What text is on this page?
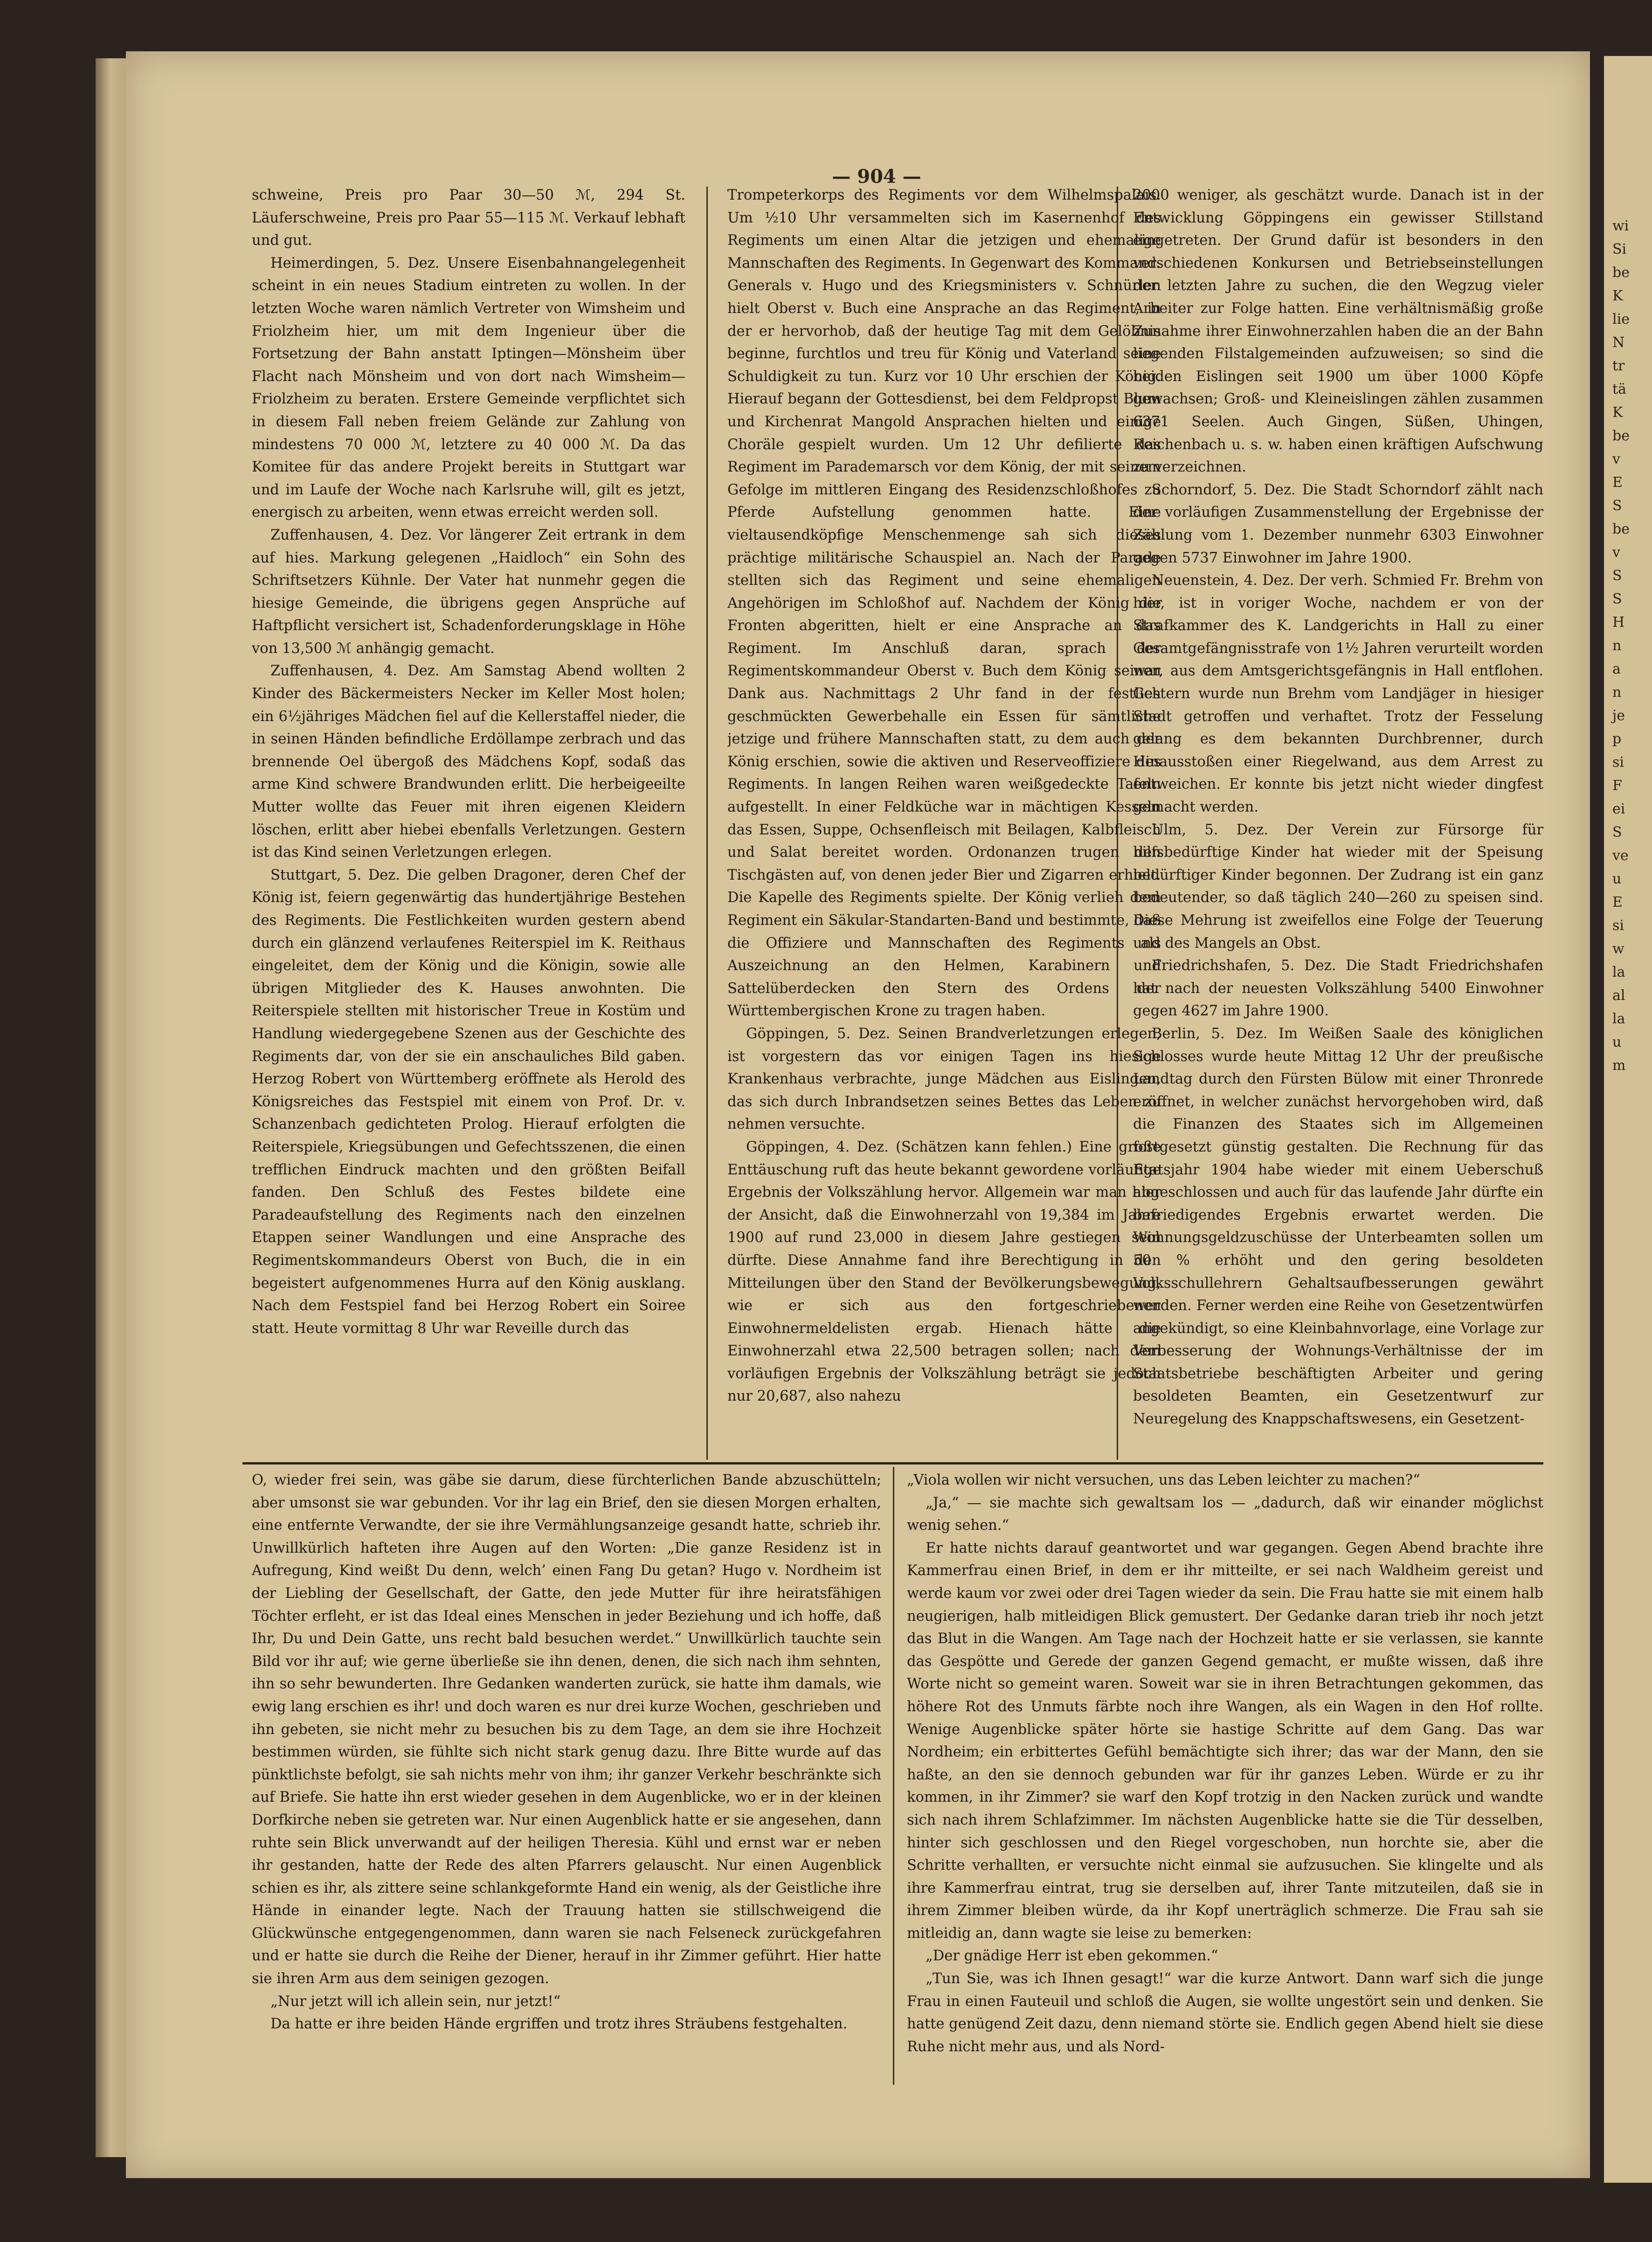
wi
Si
be
K
lie
N
tr
tä
K
be
v
E
S
be
v
S
S
H
n
a
n
je
p
si
F
ei
S
ve
u
E
si
w
la
al
la
u
m
— 904 —

schweine, Preis pro Paar 30—50 ℳ, 294 St. Läuferschweine, Preis pro Paar 55—115 ℳ. Verkauf lebhaft und gut.

Heimerdingen, 5. Dez. Unsere Eisenbahnangelegenheit scheint in ein neues Stadium eintreten zu wollen. In der letzten Woche waren nämlich Vertreter von Wimsheim und Friolzheim hier, um mit dem Ingenieur über die Fortsetzung der Bahn anstatt Iptingen—Mönsheim über Flacht nach Mönsheim und von dort nach Wimsheim—Friolzheim zu beraten. Erstere Gemeinde verpflichtet sich in diesem Fall neben freiem Gelände zur Zahlung von mindestens 70 000 ℳ, letztere zu 40 000 ℳ. Da das Komitee für das andere Projekt bereits in Stuttgart war und im Laufe der Woche nach Karlsruhe will, gilt es jetzt, energisch zu arbeiten, wenn etwas erreicht werden soll.

Zuffenhausen, 4. Dez. Vor längerer Zeit ertrank in dem auf hies. Markung gelegenen „Haidloch“ ein Sohn des Schriftsetzers Kühnle. Der Vater hat nunmehr gegen die hiesige Gemeinde, die übrigens gegen Ansprüche auf Haftpflicht versichert ist, Schadenforderungsklage in Höhe von 13,500 ℳ anhängig gemacht.

Zuffenhausen, 4. Dez. Am Samstag Abend wollten 2 Kinder des Bäckermeisters Necker im Keller Most holen; ein 6½jähriges Mädchen fiel auf die Kellerstaffel nieder, die in seinen Händen befindliche Erdöllampe zerbrach und das brennende Oel übergoß des Mädchens Kopf, sodaß das arme Kind schwere Brandwunden erlitt. Die herbeigeeilte Mutter wollte das Feuer mit ihren eigenen Kleidern löschen, erlitt aber hiebei ebenfalls Verletzungen. Gestern ist das Kind seinen Verletzungen erlegen.

Stuttgart, 5. Dez. Die gelben Dragoner, deren Chef der König ist, feiern gegenwärtig das hundertjährige Bestehen des Regiments. Die Festlichkeiten wurden gestern abend durch ein glänzend verlaufenes Reiterspiel im K. Reithaus eingeleitet, dem der König und die Königin, sowie alle übrigen Mitglieder des K. Hauses anwohnten. Die Reiterspiele stellten mit historischer Treue in Kostüm und Handlung wiedergegebene Szenen aus der Geschichte des Regiments dar, von der sie ein anschauliches Bild gaben. Herzog Robert von Württemberg eröffnete als Herold des Königsreiches das Festspiel mit einem von Prof. Dr. v. Schanzenbach gedichteten Prolog. Hierauf erfolgten die Reiterspiele, Kriegsübungen und Gefechtsszenen, die einen trefflichen Eindruck machten und den größten Beifall fanden. Den Schluß des Festes bildete eine Paradeaufstellung des Regiments nach den einzelnen Etappen seiner Wandlungen und eine Ansprache des Regimentskommandeurs Oberst von Buch, die in ein begeistert aufgenommenes Hurra auf den König ausklang. Nach dem Festspiel fand bei Herzog Robert ein Soiree statt. Heute vormittag 8 Uhr war Reveille durch das

Trompeterkorps des Regiments vor dem Wilhelmspalais. Um ½10 Uhr versammelten sich im Kasernenhof des Regiments um einen Altar die jetzigen und ehemalige Mannschaften des Regiments. In Gegenwart des Kommand. Generals v. Hugo und des Kriegsministers v. Schnürlen hielt Oberst v. Buch eine Ansprache an das Regiment, in der er hervorhob, daß der heutige Tag mit dem Gelöbnis beginne, furchtlos und treu für König und Vaterland seine Schuldigkeit zu tun. Kurz vor 10 Uhr erschien der König. Hierauf begann der Gottesdienst, bei dem Feldpropst Blum und Kirchenrat Mangold Ansprachen hielten und einige Choräle gespielt wurden. Um 12 Uhr defilierte das Regiment im Parademarsch vor dem König, der mit seinem Gefolge im mittleren Eingang des Residenzschloßhofes zu Pferde Aufstellung genommen hatte. Eine vieltausendköpfige Menschenmenge sah sich dieses prächtige militärische Schauspiel an. Nach der Parade stellten sich das Regiment und seine ehemaligen Angehörigen im Schloßhof auf. Nachdem der König die Fronten abgeritten, hielt er eine Ansprache an das Regiment. Im Anschluß daran, sprach der Regimentskommandeur Oberst v. Buch dem König seinen Dank aus. Nachmittags 2 Uhr fand in der festlich geschmückten Gewerbehalle ein Essen für sämtliche jetzige und frühere Mannschaften statt, zu dem auch der König erschien, sowie die aktiven und Reserveoffiziere des Regiments. In langen Reihen waren weißgedeckte Tafeln aufgestellt. In einer Feldküche war in mächtigen Kesseln das Essen, Suppe, Ochsenfleisch mit Beilagen, Kalbfleisch und Salat bereitet worden. Ordonanzen trugen den Tischgästen auf, von denen jeder Bier und Zigarren erhielt. Die Kapelle des Regiments spielte. Der König verlieh dem Regiment ein Säkular-Standarten-Band und bestimmte, daß die Offiziere und Mannschaften des Regiments als Auszeichnung an den Helmen, Karabinern und Sattelüberdecken den Stern des Ordens der Württembergischen Krone zu tragen haben.

Göppingen, 5. Dez. Seinen Brandverletzungen erlegen, ist vorgestern das vor einigen Tagen ins hiesige Krankenhaus verbrachte, junge Mädchen aus Eislingen, das sich durch Inbrandsetzen seines Bettes das Leben zu nehmen versuchte.

Göppingen, 4. Dez. (Schätzen kann fehlen.) Eine große Enttäuschung ruft das heute bekannt gewordene vorläufige Ergebnis der Volkszählung hervor. Allgemein war man hier der Ansicht, daß die Einwohnerzahl von 19,384 im Jahre 1900 auf rund 23,000 in diesem Jahre gestiegen sein dürfte. Diese Annahme fand ihre Berechtigung in den Mitteilungen über den Stand der Bevölkerungsbewegung, wie er sich aus den fortgeschriebenen Einwohnermeldelisten ergab. Hienach hätte die Einwohnerzahl etwa 22,500 betragen sollen; nach dem vorläufigen Ergebnis der Volkszählung beträgt sie jedoch nur 20,687, also nahezu

2000 weniger, als geschätzt wurde. Danach ist in der Entwicklung Göppingens ein gewisser Stillstand eingetreten. Der Grund dafür ist besonders in den verschiedenen Konkursen und Betriebseinstellungen der letzten Jahre zu suchen, die den Wegzug vieler Arbeiter zur Folge hatten. Eine verhältnismäßig große Zunahme ihrer Einwohnerzahlen haben die an der Bahn liegenden Filstalgemeinden aufzuweisen; so sind die beiden Eislingen seit 1900 um über 1000 Köpfe gewachsen; Groß- und Kleineislingen zählen zusammen 6371 Seelen. Auch Gingen, Süßen, Uhingen, Reichenbach u. s. w. haben einen kräftigen Aufschwung zu verzeichnen.

Schorndorf, 5. Dez. Die Stadt Schorndorf zählt nach der vorläufigen Zusammenstellung der Ergebnisse der Zählung vom 1. Dezember nunmehr 6303 Einwohner gegen 5737 Einwohner im Jahre 1900.

Neuenstein, 4. Dez. Der verh. Schmied Fr. Brehm von hier, ist in voriger Woche, nachdem er von der Strafkammer des K. Landgerichts in Hall zu einer Gesamtgefängnisstrafe von 1½ Jahren verurteilt worden war, aus dem Amtsgerichtsgefängnis in Hall entflohen. Gestern wurde nun Brehm vom Landjäger in hiesiger Stadt getroffen und verhaftet. Trotz der Fesselung gelang es dem bekannten Durchbrenner, durch Hinausstoßen einer Riegelwand, aus dem Arrest zu entweichen. Er konnte bis jetzt nicht wieder dingfest gemacht werden.

Ulm, 5. Dez. Der Verein zur Fürsorge für hilfsbedürftige Kinder hat wieder mit der Speisung bedürftiger Kinder begonnen. Der Zudrang ist ein ganz bedeutender, so daß täglich 240—260 zu speisen sind. Diese Mehrung ist zweifellos eine Folge der Teuerung und des Mangels an Obst.

Friedrichshafen, 5. Dez. Die Stadt Friedrichshafen hat nach der neuesten Volkszählung 5400 Einwohner gegen 4627 im Jahre 1900.

Berlin, 5. Dez. Im Weißen Saale des königlichen Schlosses wurde heute Mittag 12 Uhr der preußische Landtag durch den Fürsten Bülow mit einer Thronrede eröffnet, in welcher zunächst hervorgehoben wird, daß die Finanzen des Staates sich im Allgemeinen fortgesetzt günstig gestalten. Die Rechnung für das Etatsjahr 1904 habe wieder mit einem Ueberschuß abgeschlossen und auch für das laufende Jahr dürfte ein befriedigendes Ergebnis erwartet werden. Die Wohnungsgeldzuschüsse der Unterbeamten sollen um 50 % erhöht und den gering besoldeten Volksschullehrern Gehaltsaufbesserungen gewährt werden. Ferner werden eine Reihe von Gesetzentwürfen angekündigt, so eine Kleinbahnvorlage, eine Vorlage zur Verbesserung der Wohnungs-Verhältnisse der im Staatsbetriebe beschäftigten Arbeiter und gering besoldeten Beamten, ein Gesetzentwurf zur Neuregelung des Knappschaftswesens, ein Gesetzent-

O, wieder frei sein, was gäbe sie darum, diese fürchterlichen Bande abzuschütteln; aber umsonst sie war gebunden. Vor ihr lag ein Brief, den sie diesen Morgen erhalten, eine entfernte Verwandte, der sie ihre Vermählungsanzeige gesandt hatte, schrieb ihr. Unwillkürlich hafteten ihre Augen auf den Worten: „Die ganze Residenz ist in Aufregung, Kind weißt Du denn, welch’ einen Fang Du getan? Hugo v. Nordheim ist der Liebling der Gesellschaft, der Gatte, den jede Mutter für ihre heiratsfähigen Töchter erfleht, er ist das Ideal eines Menschen in jeder Beziehung und ich hoffe, daß Ihr, Du und Dein Gatte, uns recht bald besuchen werdet.“ Unwillkürlich tauchte sein Bild vor ihr auf; wie gerne überließe sie ihn denen, denen, die sich nach ihm sehnten, ihn so sehr bewunderten. Ihre Gedanken wanderten zurück, sie hatte ihm damals, wie ewig lang erschien es ihr! und doch waren es nur drei kurze Wochen, geschrieben und ihn gebeten, sie nicht mehr zu besuchen bis zu dem Tage, an dem sie ihre Hochzeit bestimmen würden, sie fühlte sich nicht stark genug dazu. Ihre Bitte wurde auf das pünktlichste befolgt, sie sah nichts mehr von ihm; ihr ganzer Verkehr beschränkte sich auf Briefe. Sie hatte ihn erst wieder gesehen in dem Augenblicke, wo er in der kleinen Dorfkirche neben sie getreten war. Nur einen Augenblick hatte er sie angesehen, dann ruhte sein Blick unverwandt auf der heiligen Theresia. Kühl und ernst war er neben ihr gestanden, hatte der Rede des alten Pfarrers gelauscht. Nur einen Augenblick schien es ihr, als zittere seine schlankgeformte Hand ein wenig, als der Geistliche ihre Hände in einander legte. Nach der Trauung hatten sie stillschweigend die Glückwünsche entgegengenommen, dann waren sie nach Felseneck zurückgefahren und er hatte sie durch die Reihe der Diener, herauf in ihr Zimmer geführt. Hier hatte sie ihren Arm aus dem seinigen gezogen.

„Nur jetzt will ich allein sein, nur jetzt!“

Da hatte er ihre beiden Hände ergriffen und trotz ihres Sträubens festgehalten.

„Viola wollen wir nicht versuchen, uns das Leben leichter zu machen?“

„Ja,“ — sie machte sich gewaltsam los — „dadurch, daß wir einander möglichst wenig sehen.“

Er hatte nichts darauf geantwortet und war gegangen. Gegen Abend brachte ihre Kammerfrau einen Brief, in dem er ihr mitteilte, er sei nach Waldheim gereist und werde kaum vor zwei oder drei Tagen wieder da sein. Die Frau hatte sie mit einem halb neugierigen, halb mitleidigen Blick gemustert. Der Gedanke daran trieb ihr noch jetzt das Blut in die Wangen. Am Tage nach der Hochzeit hatte er sie verlassen, sie kannte das Gespötte und Gerede der ganzen Gegend gemacht, er mußte wissen, daß ihre Worte nicht so gemeint waren. Soweit war sie in ihren Betrachtungen gekommen, das höhere Rot des Unmuts färbte noch ihre Wangen, als ein Wagen in den Hof rollte. Wenige Augenblicke später hörte sie hastige Schritte auf dem Gang. Das war Nordheim; ein erbittertes Gefühl bemächtigte sich ihrer; das war der Mann, den sie haßte, an den sie dennoch gebunden war für ihr ganzes Leben. Würde er zu ihr kommen, in ihr Zimmer? sie warf den Kopf trotzig in den Nacken zurück und wandte sich nach ihrem Schlafzimmer. Im nächsten Augenblicke hatte sie die Tür desselben, hinter sich geschlossen und den Riegel vorgeschoben, nun horchte sie, aber die Schritte verhallten, er versuchte nicht einmal sie aufzusuchen. Sie klingelte und als ihre Kammerfrau eintrat, trug sie derselben auf, ihrer Tante mitzuteilen, daß sie in ihrem Zimmer bleiben würde, da ihr Kopf unerträglich schmerze. Die Frau sah sie mitleidig an, dann wagte sie leise zu bemerken:

„Der gnädige Herr ist eben gekommen.“

„Tun Sie, was ich Ihnen gesagt!“ war die kurze Antwort. Dann warf sich die junge Frau in einen Fauteuil und schloß die Augen, sie wollte ungestört sein und denken. Sie hatte genügend Zeit dazu, denn niemand störte sie. Endlich gegen Abend hielt sie diese Ruhe nicht mehr aus, und als Nord-
